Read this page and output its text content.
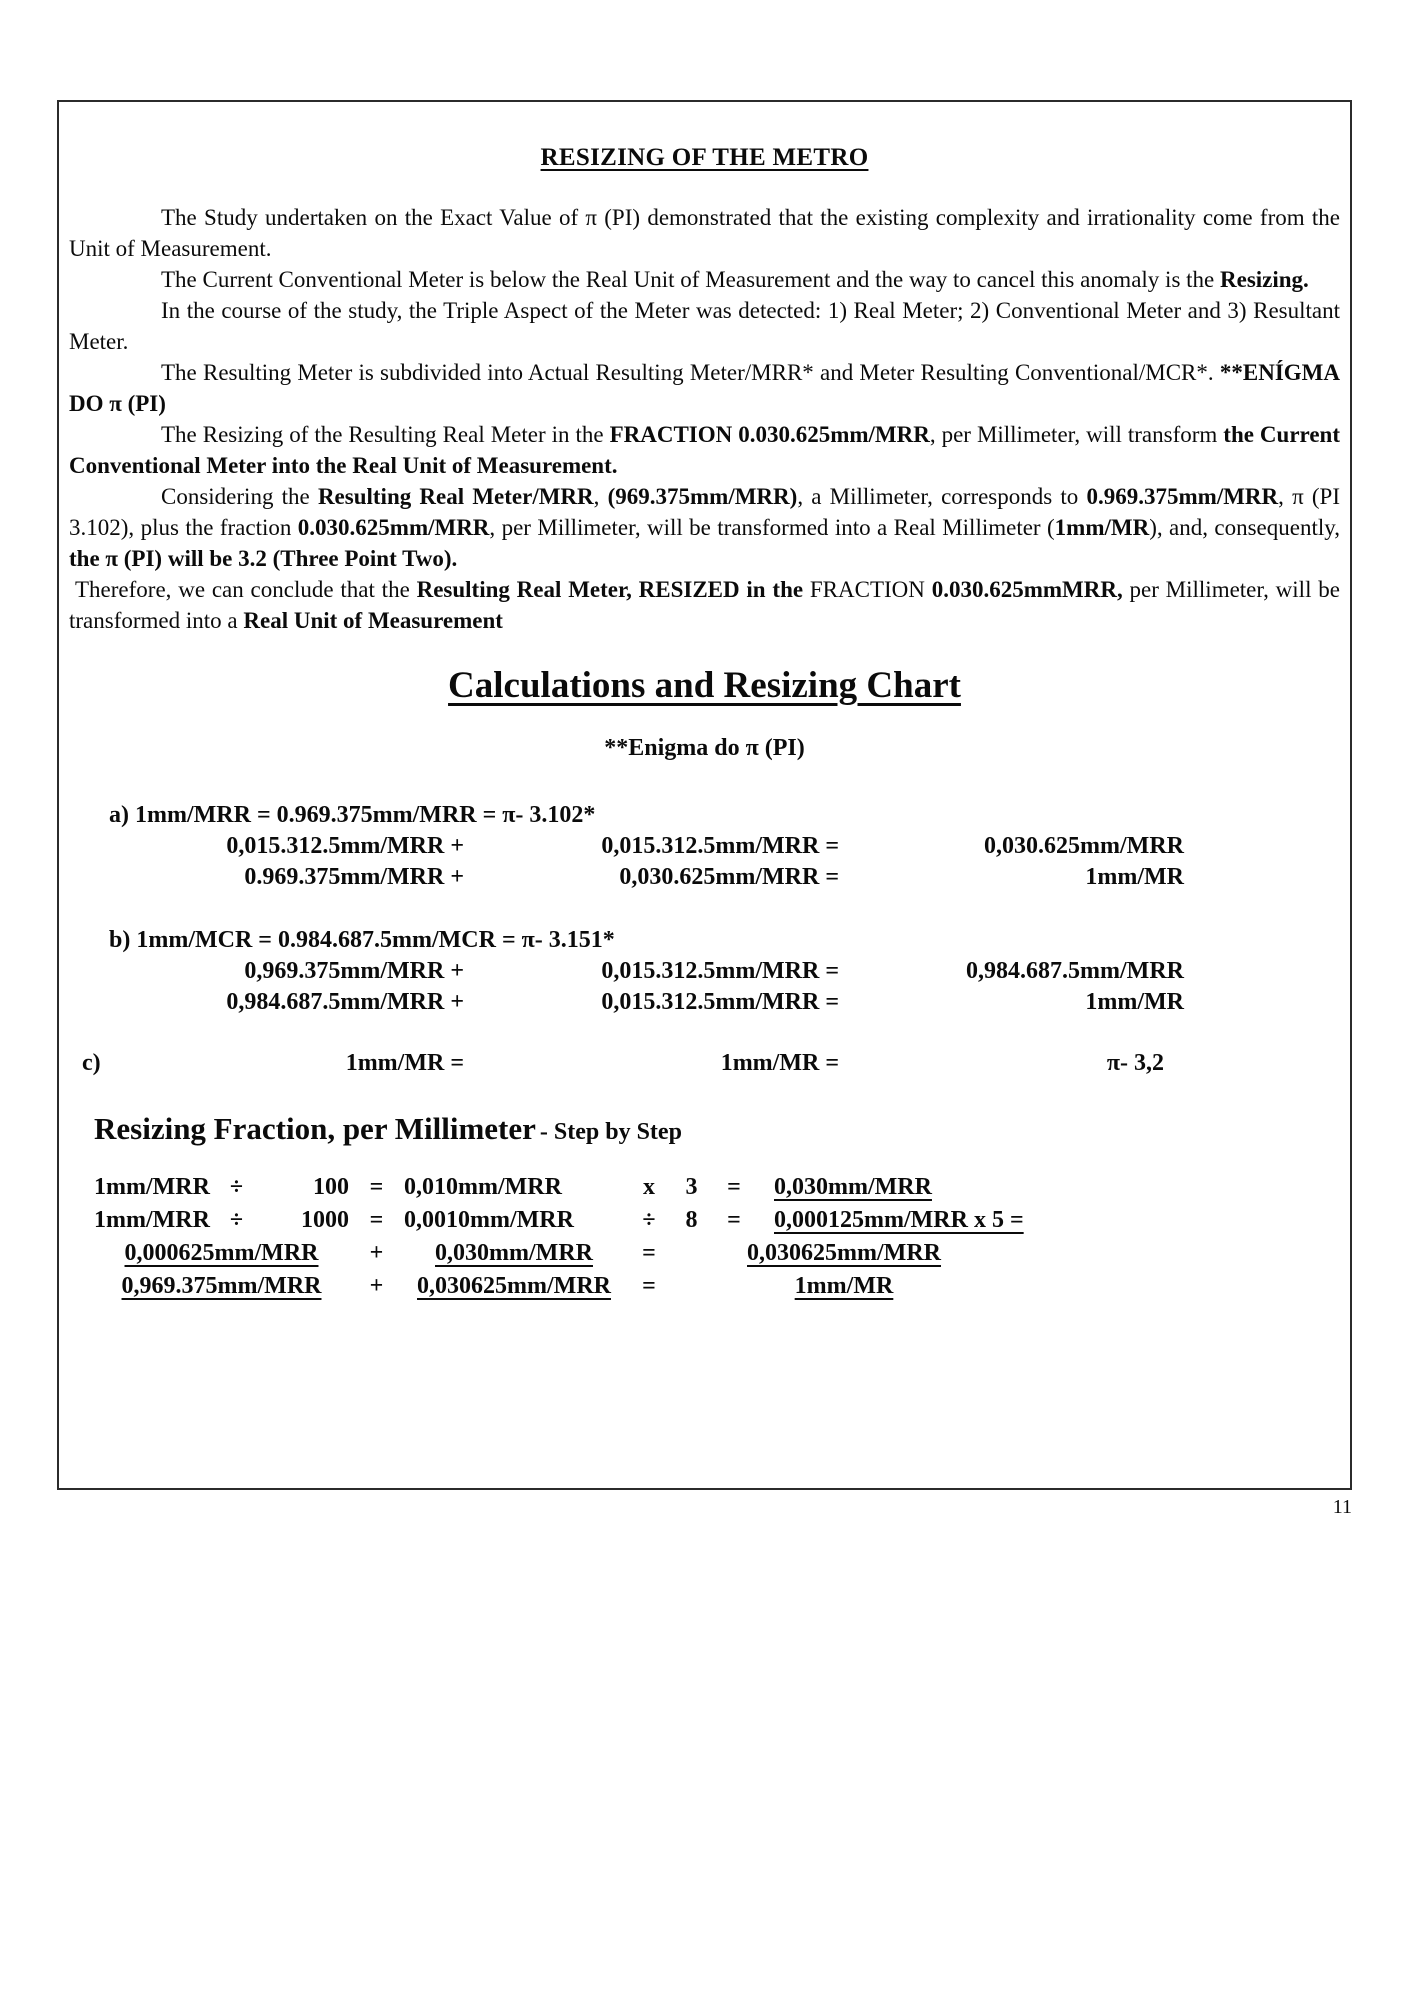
RESIZING OF THE METRO

The Study undertaken on the Exact Value of π (PI) demonstrated that the existing complexity and irrationality come from the Unit of Measurement.

The Current Conventional Meter is below the Real Unit of Measurement and the way to cancel this anomaly is the Resizing.

In the course of the study, the Triple Aspect of the Meter was detected: 1) Real Meter; 2) Conventional Meter and 3) Resultant Meter.

The Resulting Meter is subdivided into Actual Resulting Meter/MRR* and Meter Resulting Conventional/MCR*. **ENÍGMA DO π (PI)

The Resizing of the Resulting Real Meter in the FRACTION 0.030.625mm/MRR, per Millimeter, will transform the Current Conventional Meter into the Real Unit of Measurement.

Considering the Resulting Real Meter/MRR, (969.375mm/MRR), a Millimeter, corresponds to 0.969.375mm/MRR, π (PI 3.102), plus the fraction 0.030.625mm/MRR, per Millimeter, will be transformed into a Real Millimeter (1mm/MR), and, consequently, the π (PI) will be 3.2 (Three Point Two).

Therefore, we can conclude that the Resulting Real Meter, RESIZED in the FRACTION 0.030.625mmMRR, per Millimeter, will be transformed into a Real Unit of Measurement

Calculations and Resizing Chart
**Enigma do π (PI)
a) 1mm/MRR = 0.969.375mm/MRR = π- 3.102*
0,015.312.5mm/MRR +	0,015.312.5mm/MRR =	0,030.625mm/MRR
0.969.375mm/MRR +	0,030.625mm/MRR =	1mm/MR
b) 1mm/MCR = 0.984.687.5mm/MCR = π- 3.151*
0,969.375mm/MRR +	0,015.312.5mm/MRR =	0,984.687.5mm/MRR
0,984.687.5mm/MRR +	0,015.312.5mm/MRR =	1mm/MR
c)	1mm/MR =	1mm/MR =	π- 3,2
Resizing Fraction, per Millimeter - Step by Step
1mm/MRR ÷	100 = 0,010mm/MRR	x	3	=	0,030mm/MRR
1mm/MRR ÷	1000 = 0,0010mm/MRR	÷	8	=	0,000125mm/MRR x 5 =
0,000625mm/MRR	+	0,030mm/MRR	=	0,030625mm/MRR
0,969.375mm/MRR	+	0,030625mm/MRR	=	1mm/MR
11
